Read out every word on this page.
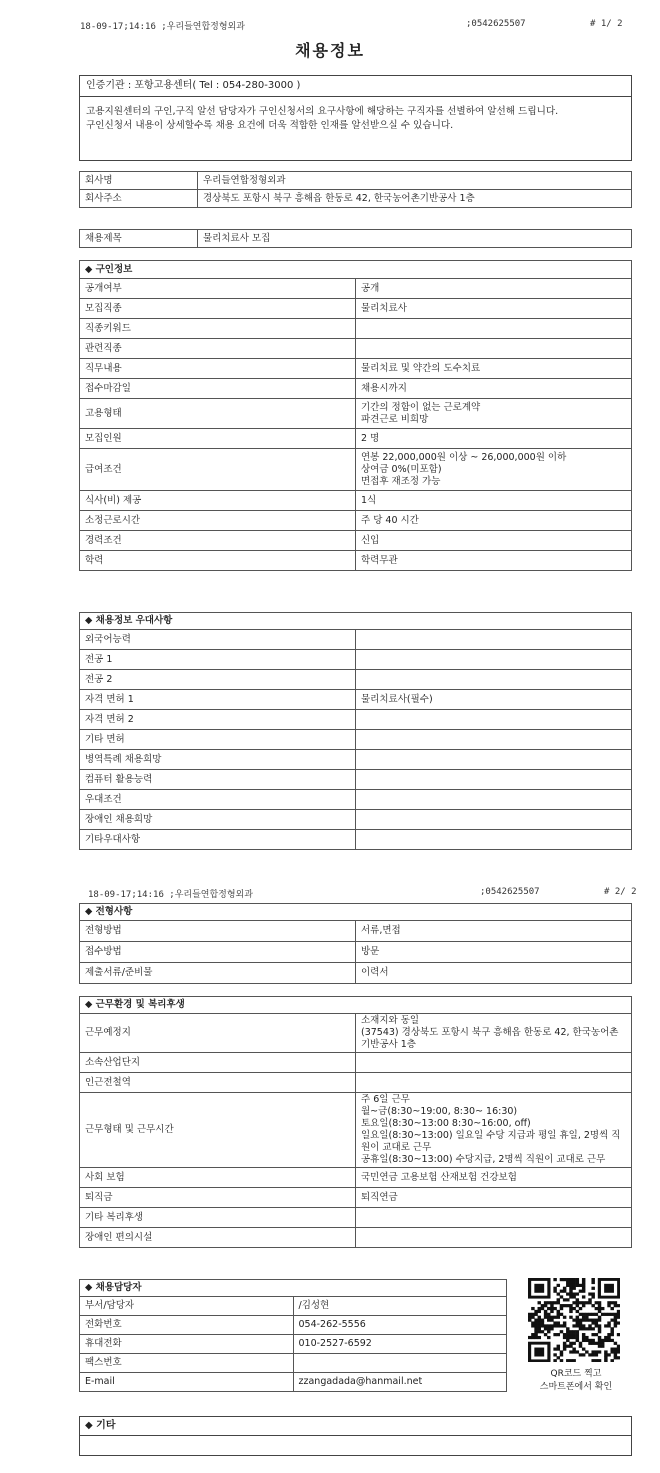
18-09-17;14:16 ;우리들연합정형외과	;0542625507	# 1/ 2
채용정보
인증기관 : 포항고용센터( Tel : 054-280-3000 )
고용지원센터의 구인,구직 알선 담당자가 구인신청서의 요구사항에 해당하는 구직자를 선별하여 알선해 드립니다.
구인신청서 내용이 상세할수록 채용 요건에 더욱 적합한 인재를 알선받으실 수 있습니다.
회사명	우리들연합정형외과
회사주소	경상북도 포항시 북구 흥해읍 한동로 42, 한국농어촌기반공사 1층
채용제목	물리치료사 모집
◆ 구인정보	
공개여부	공개

모집직종	물리치료사

직종키워드	

관련직종	

직무내용	물리치료 및 약간의 도수치료

접수마감일	채용시까지

고용형태	기간의 정함이 없는 근로계약
파견근로 비희망

모집인원	2 명

급여조건	연봉 22,000,000원 이상 ~ 26,000,000원 이하
상여금 0%(미포함)
면접후 재조정 가능

식사(비) 제공	1식

소정근로시간	주 당 40 시간

경력조건	신입

학력	학력무관
◆ 채용정보 우대사항	
외국어능력	

전공 1	

전공 2	

자격 면허 1	물리치료사(필수)

자격 면허 2	

기타 면허	

병역특례 채용희망	

컴퓨터 활용능력	

우대조건	

장애인 채용희망	

기타우대사항	
18-09-17;14:16 ;우리들연합정형외과	;0542625507	# 2/ 2
◆ 전형사항	
전형방법	서류,면접

접수방법	방문

제출서류/준비물	이력서
◆ 근무환경 및 복리후생	
근무예정지	소재지와 동일
(37543) 경상북도 포항시 북구 흥해읍 한동로 42, 한국농어촌기반공사 1층

소속산업단지	

인근전철역	

근무형태 및 근무시간	주 6일 근무
월~금(8:30~19:00, 8:30~ 16:30)
토요일(8:30~13:00 8:30~16:00, off)
일요일(8:30~13:00) 일요일 수당 지급과 평일 휴일, 2명씩 직원이 교대로 근무
공휴일(8:30~13:00) 수당지급, 2명씩 직원이 교대로 근무

사회 보험	국민연금 고용보험 산재보험 건강보험

퇴직금	퇴직연금

기타 복리후생	

장애인 편의시설	
◆ 채용담당자	
부서/담당자	/김성현

전화번호	054-262-5556

휴대전화	010-2527-6592

팩스번호	

E-mail	zzangadada@hanmail.net
QR코드 찍고
스마트폰에서 확인
◆ 기타
